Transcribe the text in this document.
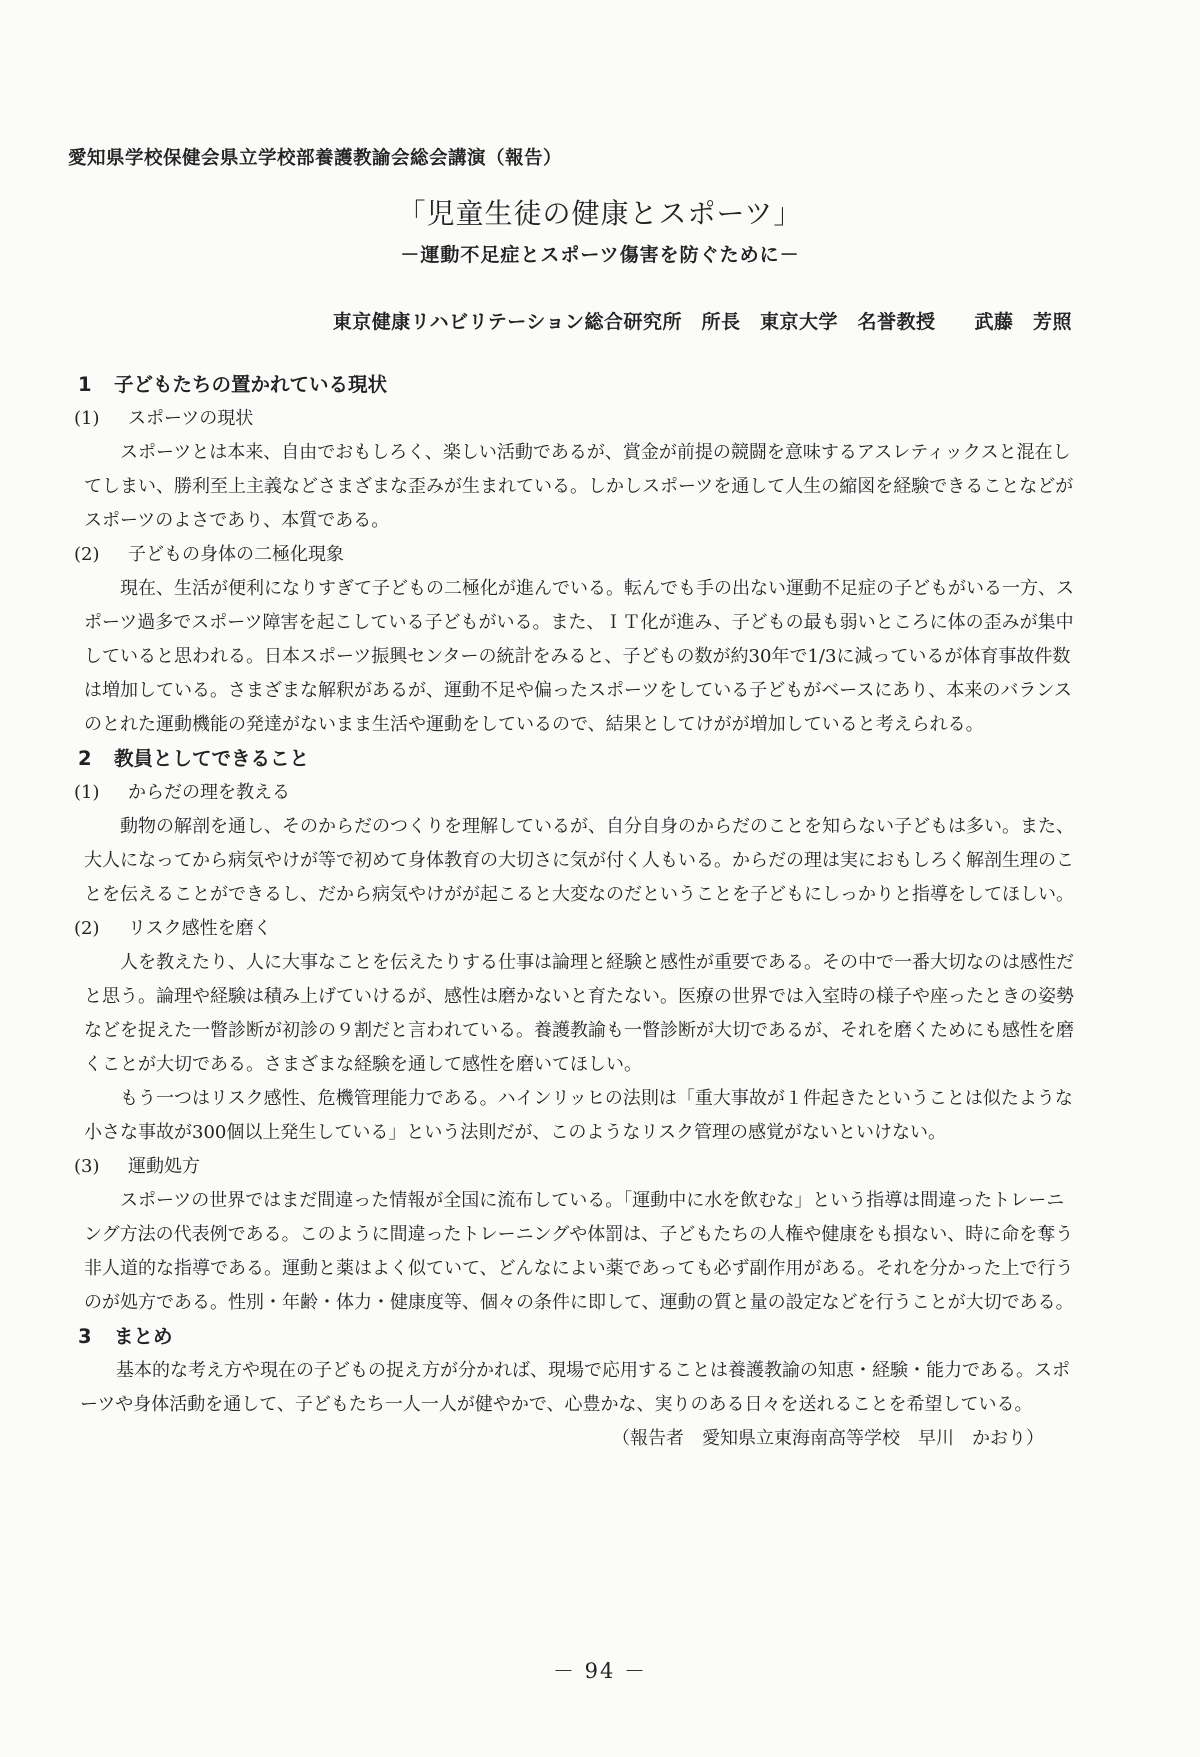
愛知県学校保健会県立学校部養護教諭会総会講演（報告）
「児童生徒の健康とスポーツ」
－運動不足症とスポーツ傷害を防ぐために－
東京健康リハビリテーション総合研究所　所長　東京大学　名誉教授　　武藤　芳照
1	子どもたちの置かれている現状
(1)	スポーツの現状
スポーツとは本来、自由でおもしろく、楽しい活動であるが、賞金が前提の競闘を意味するアスレティックスと混在してしまい、勝利至上主義などさまざまな歪みが生まれている。しかしスポーツを通して人生の縮図を経験できることなどがスポーツのよさであり、本質である。
(2)	子どもの身体の二極化現象
現在、生活が便利になりすぎて子どもの二極化が進んでいる。転んでも手の出ない運動不足症の子どもがいる一方、スポーツ過多でスポーツ障害を起こしている子どもがいる。また、ＩＴ化が進み、子どもの最も弱いところに体の歪みが集中していると思われる。日本スポーツ振興センターの統計をみると、子どもの数が約30年で1/3に減っているが体育事故件数は増加している。さまざまな解釈があるが、運動不足や偏ったスポーツをしている子どもがベースにあり、本来のバランスのとれた運動機能の発達がないまま生活や運動をしているので、結果としてけがが増加していると考えられる。
2	教員としてできること
(1)	からだの理を教える
動物の解剖を通し、そのからだのつくりを理解しているが、自分自身のからだのことを知らない子どもは多い。また、大人になってから病気やけが等で初めて身体教育の大切さに気が付く人もいる。からだの理は実におもしろく解剖生理のことを伝えることができるし、だから病気やけがが起こると大変なのだということを子どもにしっかりと指導をしてほしい。
(2)	リスク感性を磨く
人を教えたり、人に大事なことを伝えたりする仕事は論理と経験と感性が重要である。その中で一番大切なのは感性だと思う。論理や経験は積み上げていけるが、感性は磨かないと育たない。医療の世界では入室時の様子や座ったときの姿勢などを捉えた一瞥診断が初診の９割だと言われている。養護教諭も一瞥診断が大切であるが、それを磨くためにも感性を磨くことが大切である。さまざまな経験を通して感性を磨いてほしい。
もう一つはリスク感性、危機管理能力である。ハインリッヒの法則は「重大事故が１件起きたということは似たような小さな事故が300個以上発生している」という法則だが、このようなリスク管理の感覚がないといけない。
(3)	運動処方
スポーツの世界ではまだ間違った情報が全国に流布している。「運動中に水を飲むな」という指導は間違ったトレーニング方法の代表例である。このように間違ったトレーニングや体罰は、子どもたちの人権や健康をも損ない、時に命を奪う非人道的な指導である。運動と薬はよく似ていて、どんなによい薬であっても必ず副作用がある。それを分かった上で行うのが処方である。性別・年齢・体力・健康度等、個々の条件に即して、運動の質と量の設定などを行うことが大切である。
3	まとめ
基本的な考え方や現在の子どもの捉え方が分かれば、現場で応用することは養護教諭の知恵・経験・能力である。スポーツや身体活動を通して、子どもたち一人一人が健やかで、心豊かな、実りのある日々を送れることを希望している。
（報告者　愛知県立東海南高等学校　早川　かおり）
－ 94 －
